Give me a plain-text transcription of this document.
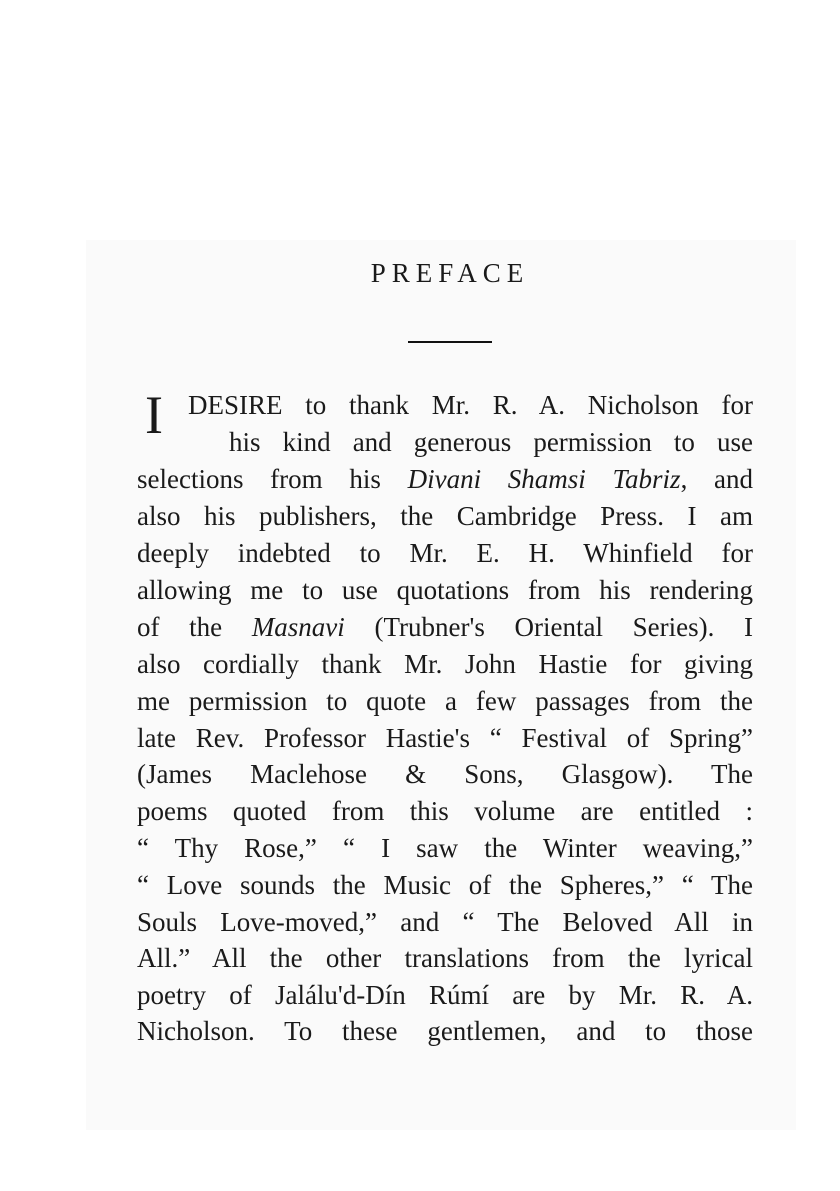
PREFACE
I DESIRE to thank Mr. R. A. Nicholson for

his kind and generous permission to use

selections from his Divani Shamsi Tabriz, and

also his publishers, the Cambridge Press. I am

deeply indebted to Mr. E. H. Whinfield for

allowing me to use quotations from his rendering

of the Masnavi (Trubner's Oriental Series). I

also cordially thank Mr. John Hastie for giving

me permission to quote a few passages from the

late Rev. Professor Hastie's “ Festival of Spring”

(James Maclehose & Sons, Glasgow). The

poems quoted from this volume are entitled :

“ Thy Rose,” “ I saw the Winter weaving,”

“ Love sounds the Music of the Spheres,” “ The

Souls Love-moved,” and “ The Beloved All in

All.” All the other translations from the lyrical

poetry of Jalálu'd-Dín Rúmí are by Mr. R. A.

Nicholson. To these gentlemen, and to those
